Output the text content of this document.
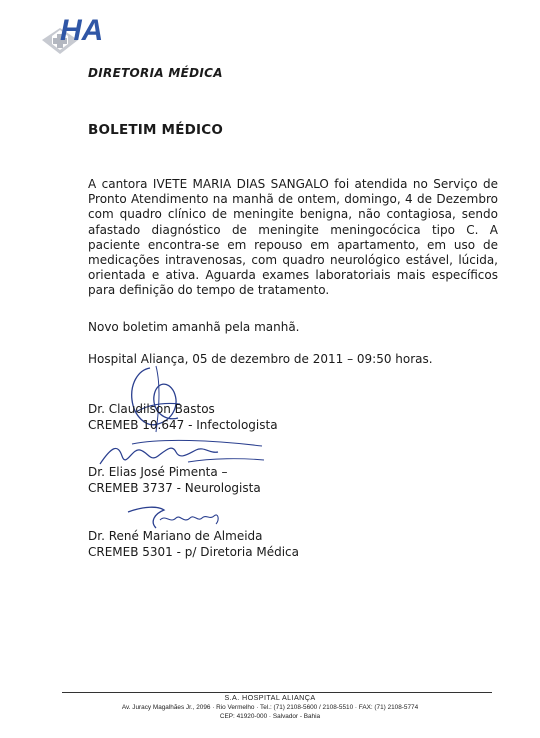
HA
DIRETORIA MÉDICA
BOLETIM MÉDICO
A cantora IVETE MARIA DIAS SANGALO foi atendida no Serviço de Pronto Atendimento na manhã de ontem, domingo, 4 de Dezembro com quadro clínico de meningite benigna, não contagiosa, sendo afastado diagnóstico de meningite meningocócica tipo C. A paciente encontra-se em repouso em apartamento, em uso de medicações intravenosas, com quadro neurológico estável, lúcida, orientada e ativa. Aguarda exames laboratoriais mais específicos para definição do tempo de tratamento.
Novo boletim amanhã pela manhã.
Hospital Aliança, 05 de dezembro de 2011 – 09:50 horas.
Dr. Claudilson Bastos
CREMEB 10.647 - Infectologista
Dr. Elias José Pimenta –
CREMEB 3737 - Neurologista
Dr. René Mariano de Almeida
CREMEB 5301 - p/ Diretoria Médica
S.A. HOSPITAL ALIANÇA
Av. Juracy Magalhães Jr., 2096 · Rio Vermelho · Tel.: (71) 2108-5600 / 2108-5510 · FAX: (71) 2108-5774
CEP: 41920-000 · Salvador - Bahia
